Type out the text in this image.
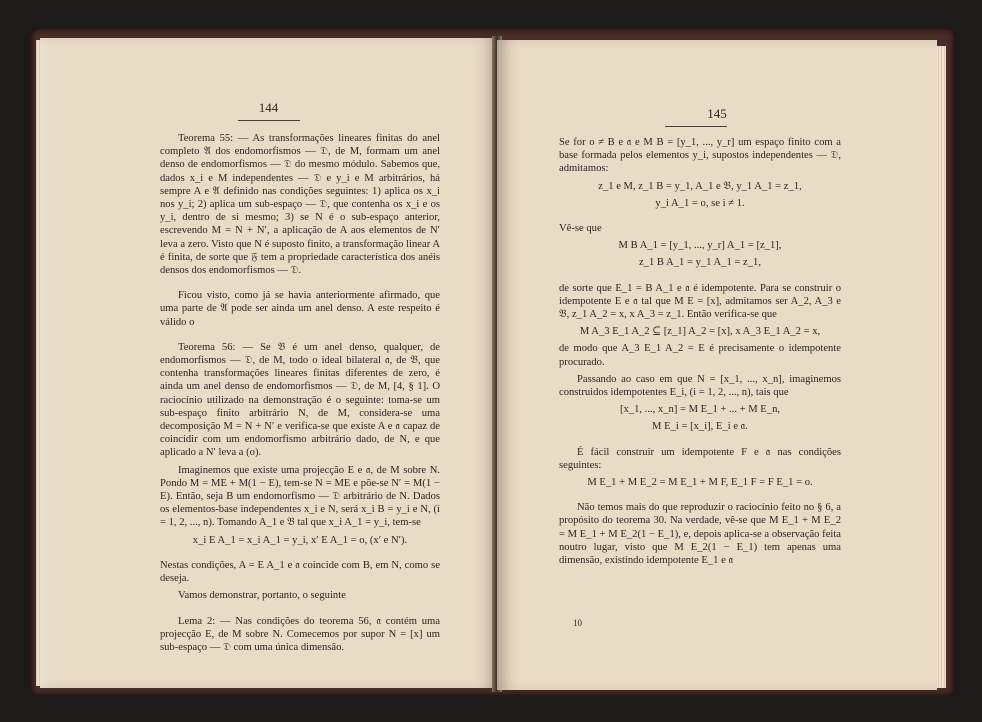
144

Teorema 55: — As transformações lineares finitas do anel completo 𝔄 dos endomorfismos — 𝔇, de M, formam um anel denso de endomorfismos — 𝔇 do mesmo módulo. Sabemos que, dados x_i e M independentes — 𝔇 e y_i e M arbitrários, há sempre A e 𝔄 definido nas condições seguintes: 1) aplica os x_i nos y_i; 2) aplica um sub-espaço — 𝔇, que contenha os x_i e os y_i, dentro de si mesmo; 3) se N é o sub-espaço anterior, escrevendo M = N + N′, a aplicação de A aos elementos de N′ leva a zero. Visto que N é suposto finito, a transformação linear A é finita, de sorte que 𝔉 tem a propriedade característica dos anéis densos dos endomorfismos — 𝔇.

Ficou visto, como já se havia anteriormente afirmado, que uma parte de 𝔄 pode ser ainda um anel denso. A este respeito é válido o

Teorema 56: — Se 𝔅 é um anel denso, qualquer, de endomorfismos — 𝔇, de M, todo o ideal bilateral 𝔞, de 𝔅, que contenha transformações lineares finitas diferentes de zero, é ainda um anel denso de endomorfismos — 𝔇, de M, [4, § 1]. O raciocínio utilizado na demonstração é o seguinte: toma-se um sub-espaço finito arbitrário N, de M, considera-se uma decomposição M = N + N′ e verifica-se que existe A e 𝔞 capaz de coincidir com um endomorfismo arbitrário dado, de N, e que aplicado a N′ leva a (o).

Imaginemos que existe uma projecção E e 𝔞, de M sobre N. Pondo M = ME + M(1 − E), tem-se N = ME e põe-se N′ = M(1 − E). Então, seja B um endomorfismo — 𝔇 arbitrário de N. Dados os elementos-base independentes x_i e N, será x_i B = y_i e N, (i = 1, 2, ..., n). Tomando A_1 e 𝔅 tal que x_i A_1 = y_i, tem-se

x_i E A_1 = x_i A_1 = y_i, x′ E A_1 = o, (x′ e N′).

Nestas condições, A = E A_1 e 𝔞 coincide com B, em N, como se deseja.

Vamos demonstrar, portanto, o seguinte

Lema 2: — Nas condições do teorema 56, 𝔞 contém uma projecção E, de M sobre N. Comecemos por supor N = [x] um sub-espaço — 𝔇 com uma única dimensão.

145

Se for o ≠ B e 𝔞 e M B = [y_1, ..., y_r] um espaço finito com a base formada pelos elementos y_i, supostos independentes — 𝔇, admitamos:

z_1 e M, z_1 B = y_1, A_1 e 𝔅, y_1 A_1 = z_1,

y_i A_1 = o, se i ≠ 1.

Vê-se que

M B A_1 = [y_1, ..., y_r] A_1 = [z_1],

z_1 B A_1 = y_1 A_1 = z_1,

de sorte que E_1 = B A_1 e 𝔞 é idempotente. Para se construir o idempotente E e 𝔞 tal que M E = [x], admitamos ser A_2, A_3 e 𝔅, z_1 A_2 = x, x A_3 = z_1. Então verifica-se que

M A_3 E_1 A_2 ⊆ [z_1] A_2 = [x], x A_3 E_1 A_2 = x,

de modo que A_3 E_1 A_2 = E é precisamente o idempotente procurado.

Passando ao caso em que N = [x_1, ..., x_n], imaginemos construidos idempotentes E_i, (i = 1, 2, ..., n), tais que

[x_1, ..., x_n] = M E_1 + ... + M E_n,

M E_i = [x_i], E_i e 𝔞.

É fácil construir um idempotente F e 𝔞 nas condições seguintes:

M E_1 + M E_2 = M E_1 + M F, E_1 F = F E_1 = o.

Não temos mais do que reproduzir o raciocínio feito no § 6, a propósito do teorema 30. Na verdade, vê-se que M E_1 + M E_2 = M E_1 + M E_2(1 − E_1), e, depois aplica-se a observação feita noutro lugar, visto que M E_2(1 − E_1) tem apenas uma dimensão, existindo idempotente E_1 e 𝔞

10
